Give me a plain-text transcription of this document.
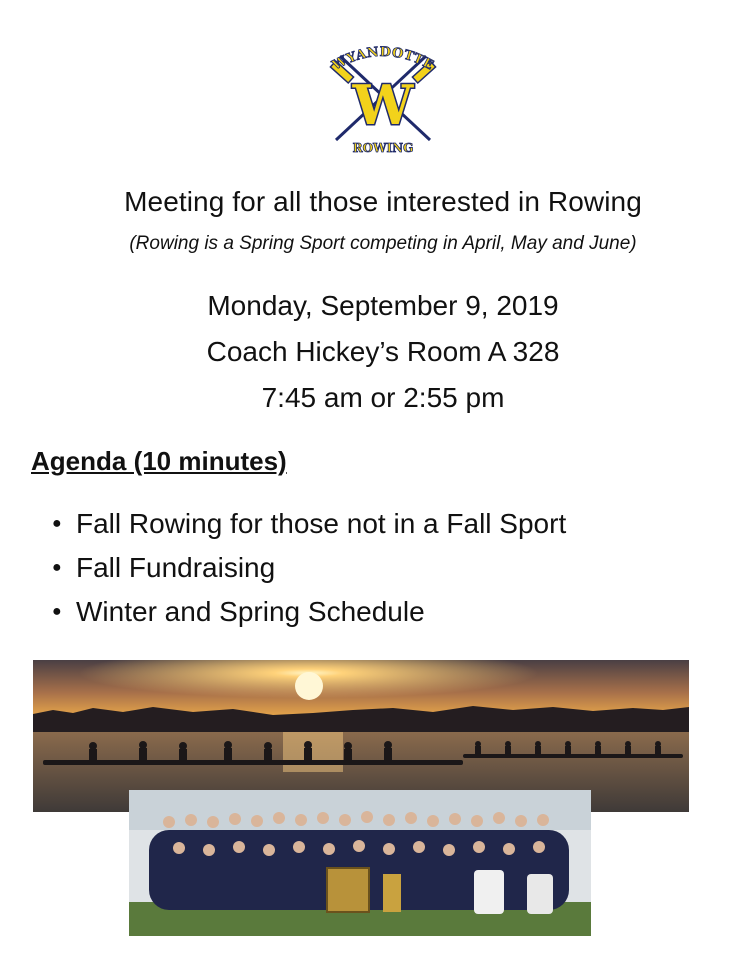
WYANDOTTE
W
ROWING
Meeting for all those interested in Rowing
(Rowing is a Spring Sport competing in April, May and June)
Monday, September 9, 2019
Coach Hickey’s Room A 328
7:45 am or 2:55 pm
Agenda (10 minutes)
● Fall Rowing for those not in a Fall Sport
● Fall Fundraising
● Winter and Spring Schedule
